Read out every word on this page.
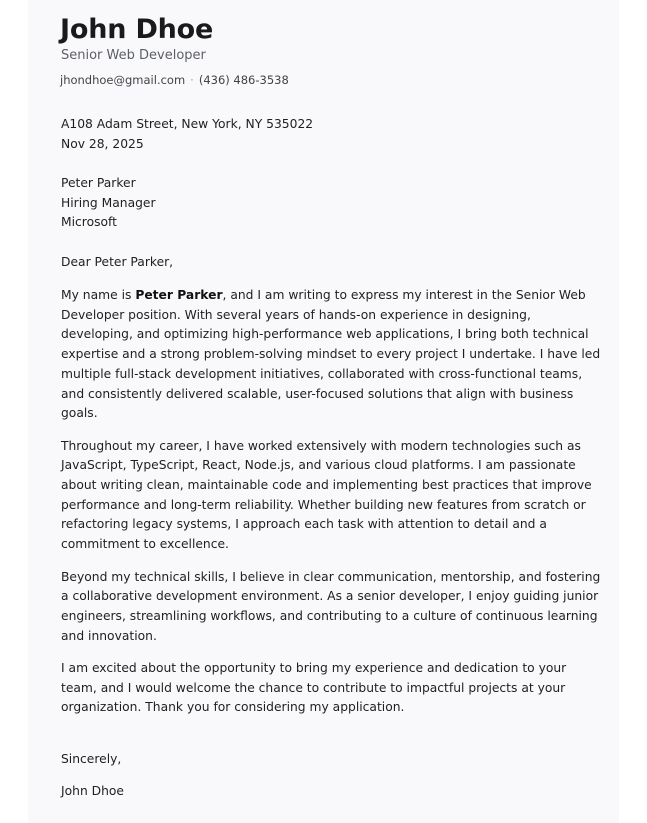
John Dhoe
Senior Web Developer
jhondhoe@gmail.com · (436) 486-3538
A108 Adam Street, New York, NY 535022
Nov 28, 2025
Peter Parker
Hiring Manager
Microsoft
Dear Peter Parker,

My name is Peter Parker, and I am writing to express my interest in the Senior Web Developer position. With several years of hands-on experience in designing, developing, and optimizing high-performance web applications, I bring both technical expertise and a strong problem-solving mindset to every project I undertake. I have led multiple full-stack development initiatives, collaborated with cross-functional teams, and consistently delivered scalable, user-focused solutions that align with business goals.

Throughout my career, I have worked extensively with modern technologies such as JavaScript, TypeScript, React, Node.js, and various cloud platforms. I am passionate about writing clean, maintainable code and implementing best practices that improve performance and long-term reliability. Whether building new features from scratch or refactoring legacy systems, I approach each task with attention to detail and a commitment to excellence.

Beyond my technical skills, I believe in clear communication, mentorship, and fostering a collaborative development environment. As a senior developer, I enjoy guiding junior engineers, streamlining workflows, and contributing to a culture of continuous learning and innovation.

I am excited about the opportunity to bring my experience and dedication to your team, and I would welcome the chance to contribute to impactful projects at your organization. Thank you for considering my application.

Sincerely,
John Dhoe
